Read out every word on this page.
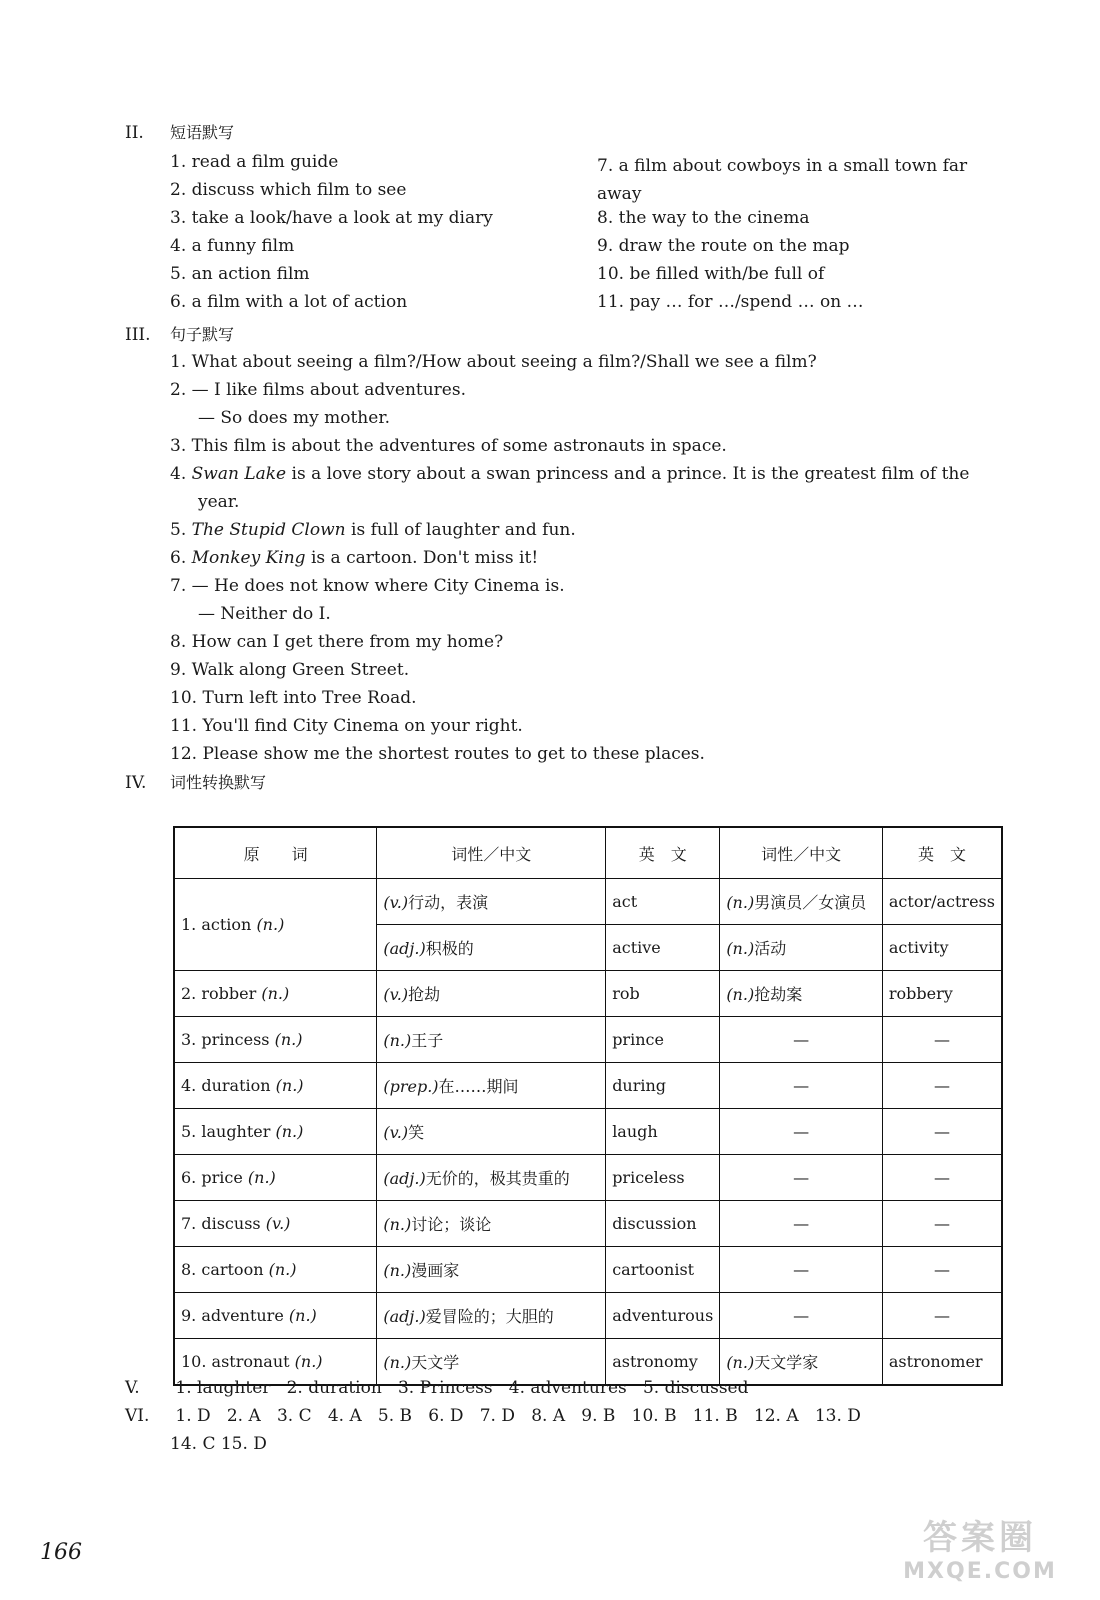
II.	短语默写
1. read a film guide
2. discuss which film to see
3. take a look/have a look at my diary
4. a funny film
5. an action film
6. a film with a lot of action
7. a film about cowboys in a small town far away
8. the way to the cinema
9. draw the route on the map
10. be filled with/be full of
11. pay … for …/spend … on …
III.	句子默写
1. What about seeing a film?/How about seeing a film?/Shall we see a film?
2. — I like films about adventures.
— So does my mother.
3. This film is about the adventures of some astronauts in space.
4. Swan Lake is a love story about a swan princess and a prince. It is the greatest film of the
year.
5. The Stupid Clown is full of laughter and fun.
6. Monkey King is a cartoon. Don't miss it!
7. — He does not know where City Cinema is.
— Neither do I.
8. How can I get there from my home?
9. Walk along Green Street.
10. Turn left into Tree Road.
11. You'll find City Cinema on your right.
12. Please show me the shortest routes to get to these places.
IV.	词性转换默写
原　　词	词性／中文	英　文	词性／中文	英　文
1. action (n.)	(v.)行动，表演	act	(n.)男演员／女演员	actor/actress
	(adj.)积极的	active	(n.)活动	activity
2. robber (n.)	(v.)抢劫	rob	(n.)抢劫案	robbery
3. princess (n.)	(n.)王子	prince	—	—
4. duration (n.)	(prep.)在……期间	during	—	—
5. laughter (n.)	(v.)笑	laugh	—	—
6. price (n.)	(adj.)无价的，极其贵重的	priceless	—	—
7. discuss (v.)	(n.)讨论；谈论	discussion	—	—
8. cartoon (n.)	(n.)漫画家	cartoonist	—	—
9. adventure (n.)	(adj.)爱冒险的；大胆的	adventurous	—	—
10. astronaut (n.)	(n.)天文学	astronomy	(n.)天文学家	astronomer
V. 1. laughter   2. duration   3. Princess   4. adventures   5. discussed
VI. 1. D   2. A   3. C   4. A   5. B   6. D   7. D   8. A   9. B   10. B   11. B   12. A   13. D
14. C 15. D
166	答案圈
MXQE.COM
